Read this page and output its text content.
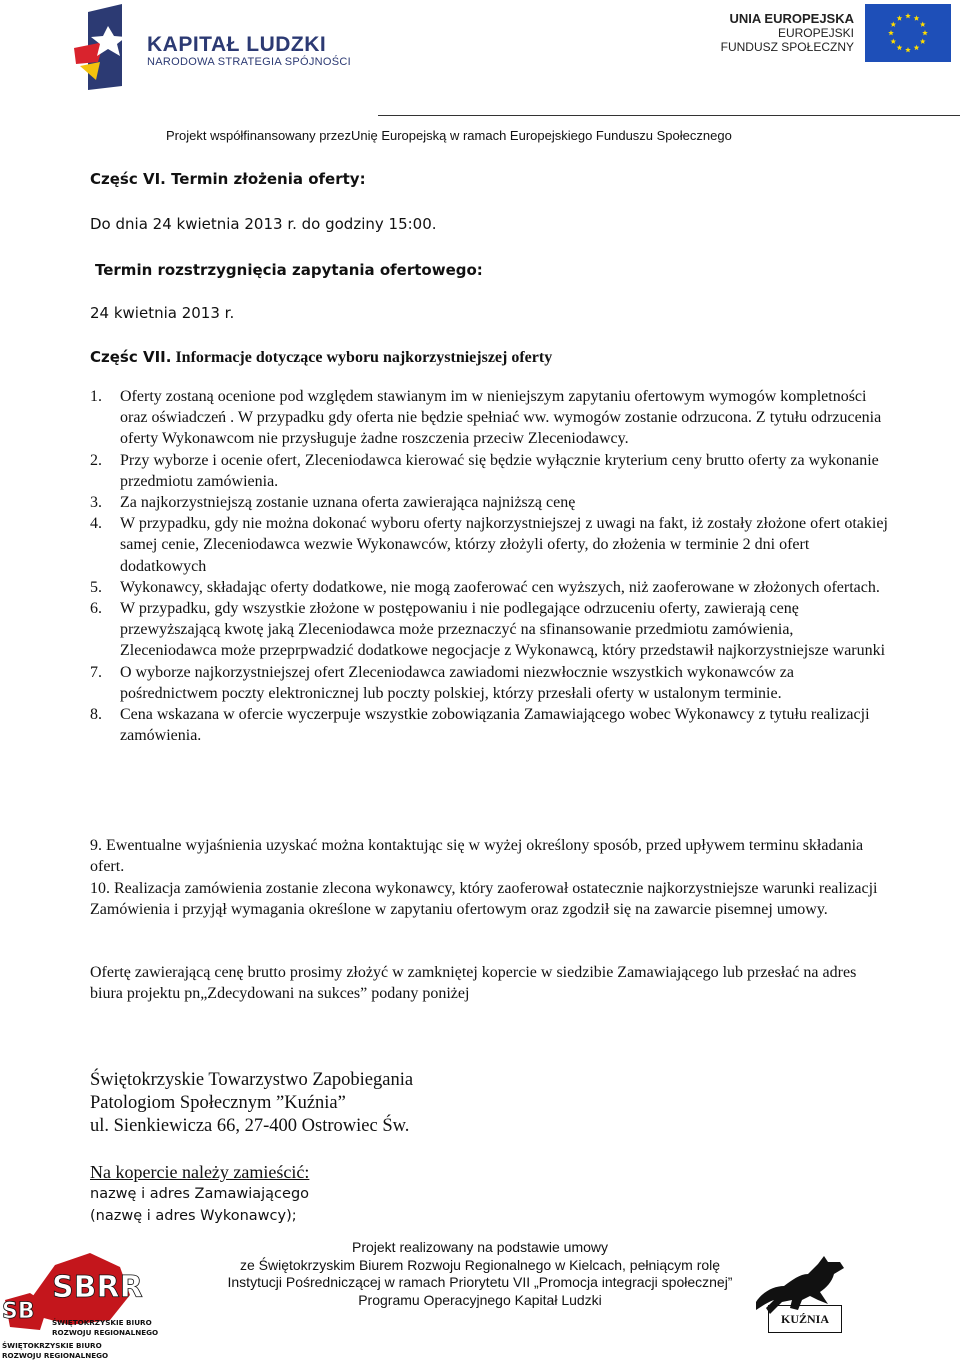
KAPITAŁ LUDZKI
NARODOWA STRATEGIA SPÓJNOŚCI
UNIA EUROPEJSKA
EUROPEJSKI
FUNDUSZ SPOŁECZNY
Projekt współfinansowany przezUnię Europejską w ramach Europejskiego Funduszu Społecznego
Częśc VI. Termin złożenia oferty:
Do dnia 24 kwietnia 2013 r. do godziny 15:00.
Termin rozstrzygnięcia zapytania ofertowego:
24 kwietnia 2013 r.
Częśc VII. Informacje dotyczące wyboru najkorzystniejszej oferty
1.	Oferty zostaną ocenione pod względem stawianym im w nieniejszym zapytaniu ofertowym wymogów kompletności oraz oświadczeń . W przypadku gdy oferta nie będzie spełniać ww. wymogów zostanie odrzucona. Z tytułu odrzucenia oferty Wykonawcom nie przysługuje żadne roszczenia przeciw Zleceniodawcy.
2.	Przy wyborze i ocenie ofert, Zleceniodawca kierować się będzie wyłącznie kryterium ceny brutto oferty za wykonanie przedmiotu zamówienia.
3.	Za najkorzystniejszą zostanie uznana oferta zawierająca najniższą cenę
4.	W przypadku, gdy nie można dokonać wyboru oferty najkorzystniejszej z uwagi na fakt, iż zostały złożone ofert otakiej samej cenie, Zleceniodawca wezwie Wykonawców, którzy złożyli oferty, do złożenia w terminie 2 dni ofert dodatkowych
5.	Wykonawcy, składając oferty dodatkowe, nie mogą zaoferować cen wyższych, niż zaoferowane w złożonych ofertach.
6.	W przypadku, gdy wszystkie złożone w postępowaniu i nie podlegające odrzuceniu oferty, zawierają cenę przewyższającą kwotę jaką Zleceniodawca może przeznaczyć na sfinansowanie przedmiotu zamówienia, Zleceniodawca może przeprpwadzić dodatkowe negocjacje z Wykonawcą, który przedstawił najkorzystniejsze warunki
7.	O wyborze najkorzystniejszej ofert Zleceniodawca zawiadomi niezwłocznie wszystkich wykonawców za pośrednictwem poczty elektronicznej lub poczty polskiej, którzy przesłali oferty w ustalonym terminie.
8.	Cena wskazana w ofercie wyczerpuje wszystkie zobowiązania Zamawiającego wobec Wykonawcy z tytułu realizacji zamówienia.
9. Ewentualne wyjaśnienia uzyskać można kontaktując się w wyżej określony sposób, przed upływem terminu składania ofert.
10. Realizacja zamówienia zostanie zlecona wykonawcy, który zaoferował ostatecznie najkorzystniejsze warunki realizacji Zamówienia i przyjął wymagania określone w zapytaniu ofertowym oraz zgodził się na zawarcie pisemnej umowy.
Ofertę zawierającą cenę brutto prosimy złożyć w zamkniętej kopercie w siedzibie Zamawiającego lub przesłać na adres biura projektu pn„Zdecydowani na sukces” podany poniżej
Świętokrzyskie Towarzystwo Zapobiegania
Patologiom Społecznym ”Kuźnia”
ul. Sienkiewicza 66, 27-400 Ostrowiec Św.
Na kopercie należy zamieścić:
nazwę i adres Zamawiającego
(nazwę i adres Wykonawcy);
Projekt realizowany na podstawie umowy
ze Świętokrzyskim Biurem Rozwoju Regionalnego w Kielcach, pełniącym rolę
Instytucji Pośredniczącej w ramach Priorytetu VII „Promocja integracji społecznej”
Programu Operacyjnego Kapitał Ludzki
SBRR
SB ŚWIĘTOKRZYSKIE BIURO
ROZWOJU REGIONALNEGO
ŚWIĘTOKRZYSKIE BIURO
ROZWOJU REGIONALNEGO
KUŹNIA
